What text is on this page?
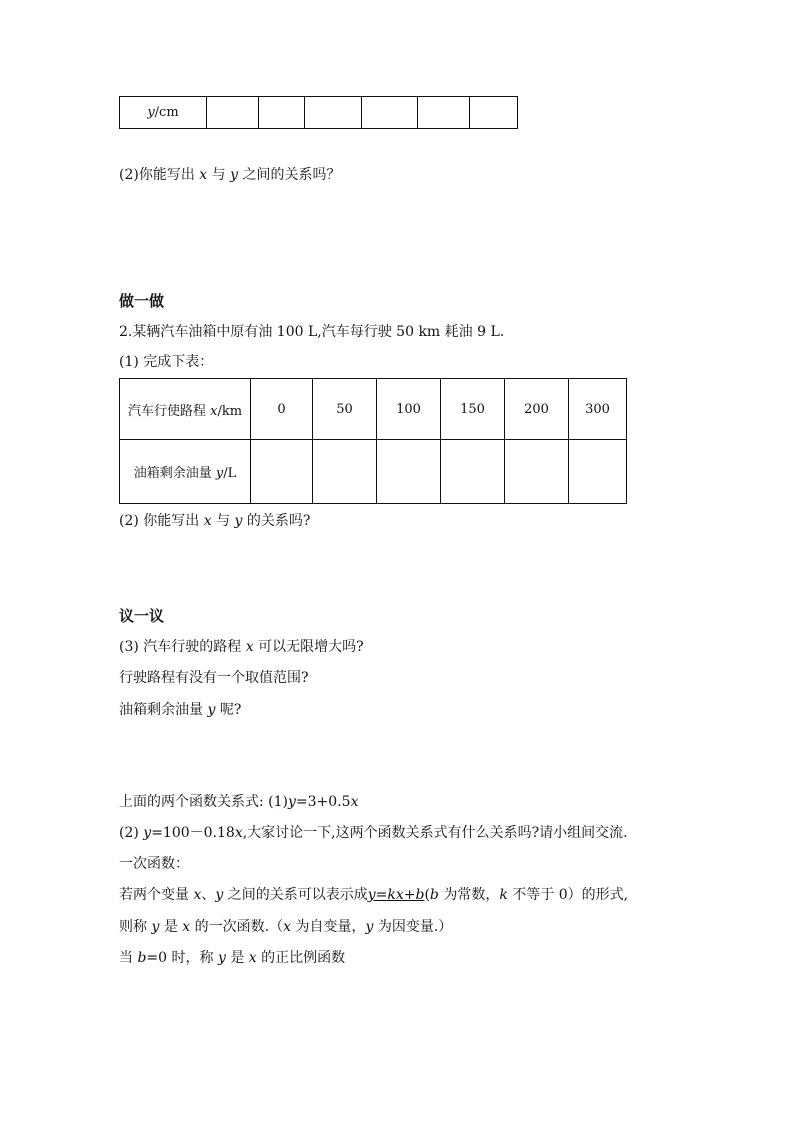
y/cm						
(2)你能写出 x 与 y 之间的关系吗？
做一做
2.某辆汽车油箱中原有油 100 L,汽车每行驶 50 km 耗油 9 L.
(1) 完成下表：
汽车行使路程 x/km	0	50	100	150	200	300
油箱剩余油量 y/L						
(2) 你能写出 x 与 y 的关系吗?
议一议
(3) 汽车行驶的路程 x 可以无限增大吗?
行驶路程有没有一个取值范围?
油箱剩余油量 y 呢?
上面的两个函数关系式: (1)y=3+0.5x
(2) y=100－0.18x,大家讨论一下,这两个函数关系式有什么关系吗?请小组间交流.
一次函数：
若两个变量 x、y 之间的关系可以表示成y=kx+b(b 为常数，k 不等于 0）的形式,
则称 y 是 x 的一次函数.（x 为自变量，y 为因变量.）
当 b=0 时，称 y 是 x 的正比例函数
